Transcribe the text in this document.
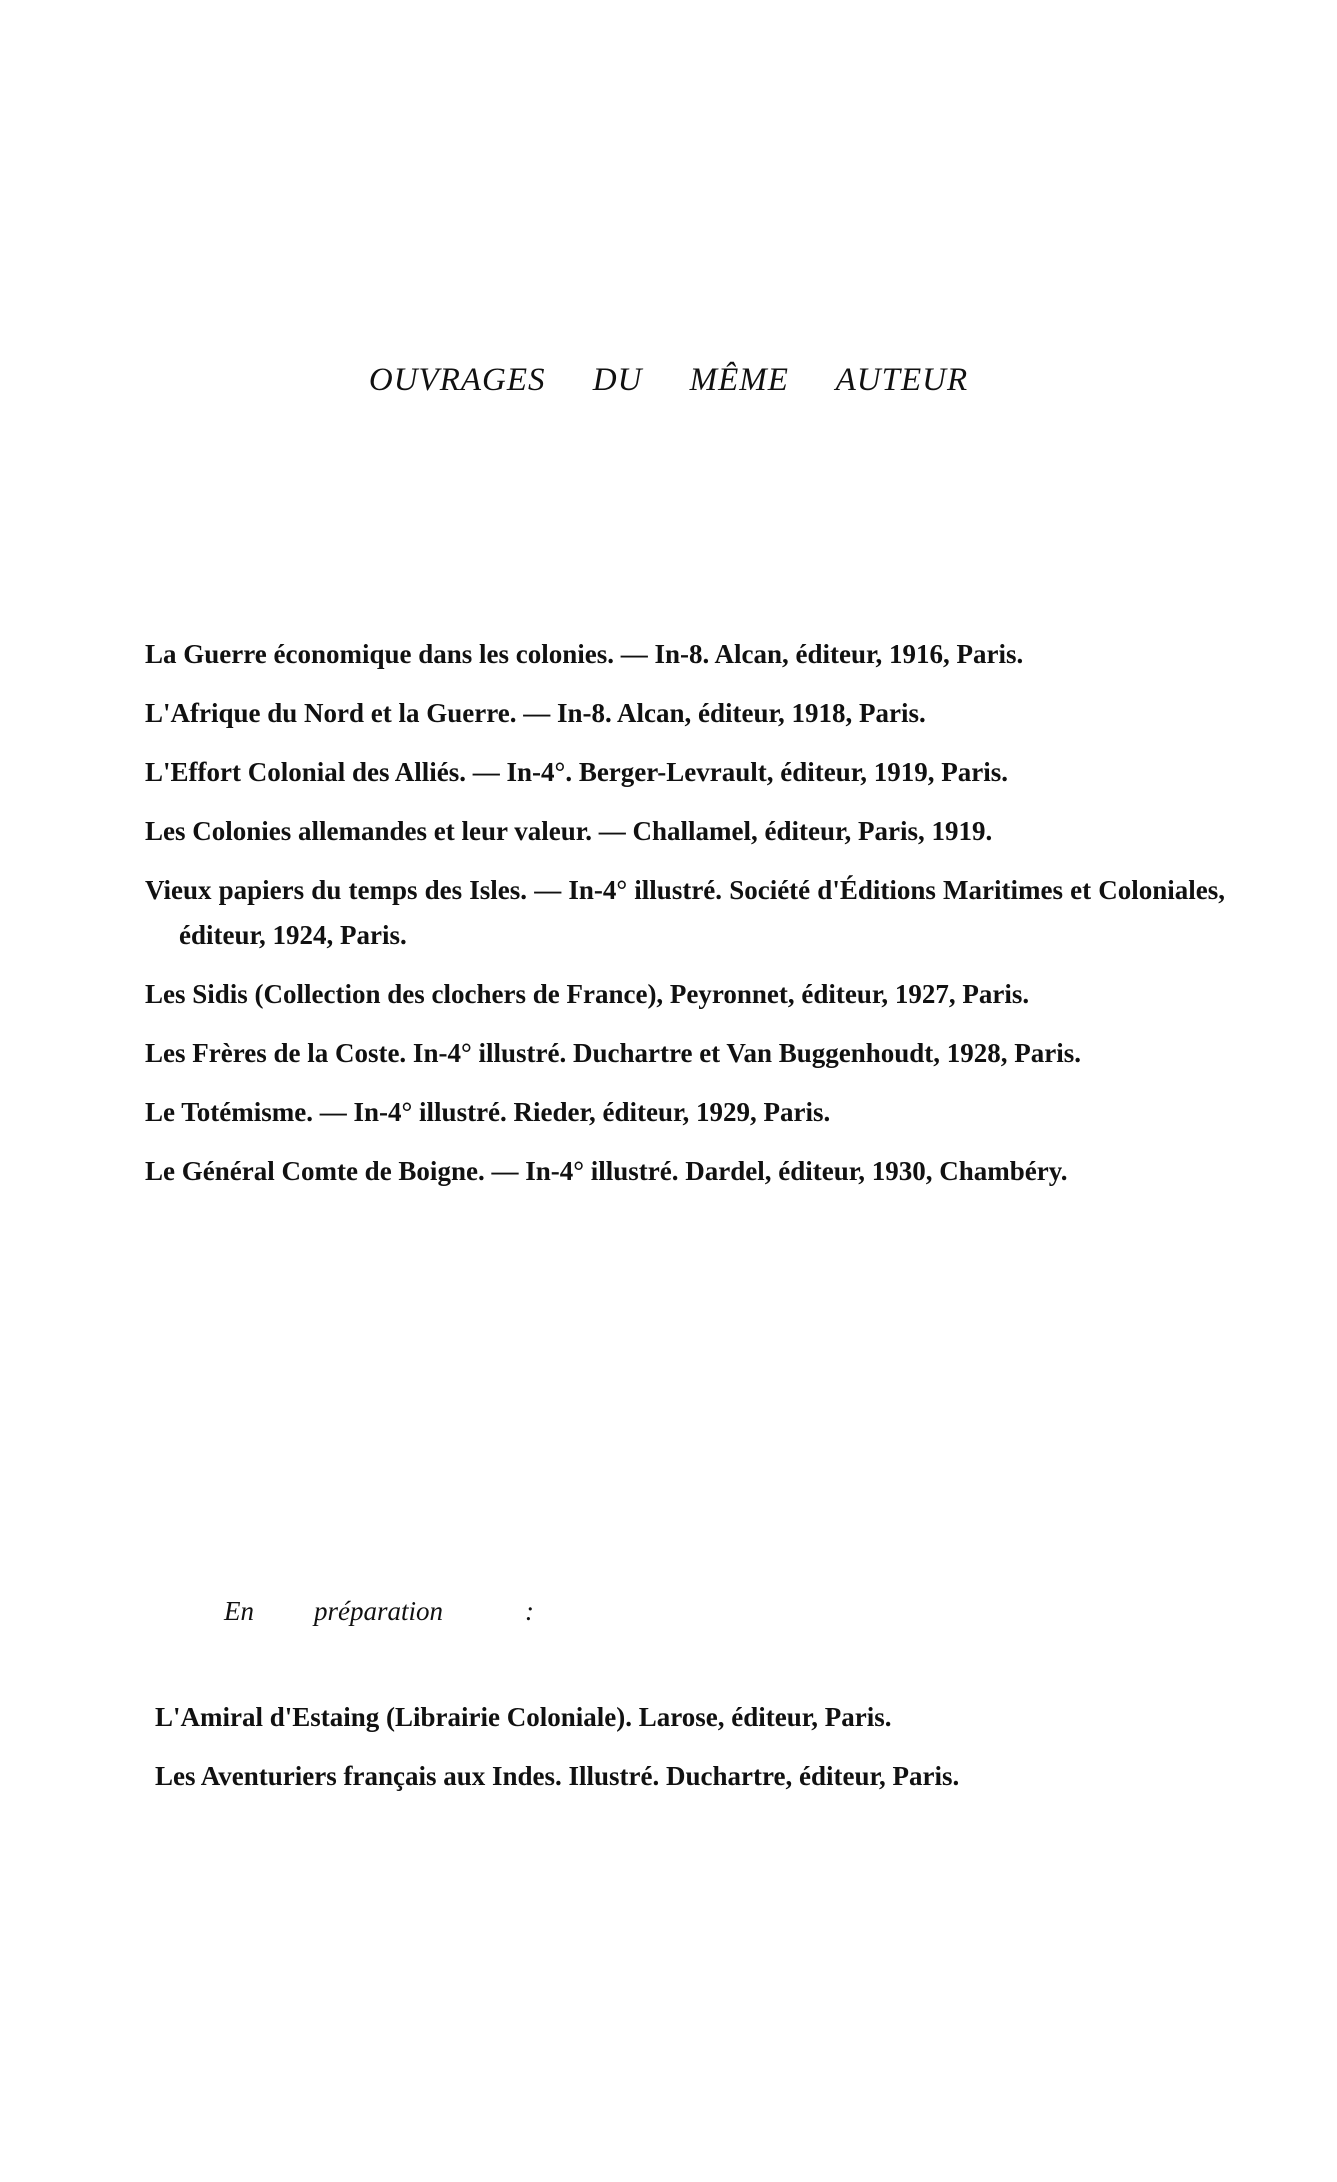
OUVRAGES DU MÊME AUTEUR

La Guerre économique dans les colonies. — In-8. Alcan, éditeur, 1916, Paris.

L'Afrique du Nord et la Guerre. — In-8. Alcan, éditeur, 1918, Paris.

L'Effort Colonial des Alliés. — In-4°. Berger-Levrault, éditeur, 1919, Paris.

Les Colonies allemandes et leur valeur. — Challamel, éditeur, Paris, 1919.

Vieux papiers du temps des Isles. — In-4° illustré. Société d'Éditions Maritimes et Coloniales, éditeur, 1924, Paris.

Les Sidis (Collection des clochers de France), Peyronnet, éditeur, 1927, Paris.

Les Frères de la Coste. In-4° illustré. Duchartre et Van Buggenhoudt, 1928, Paris.

Le Totémisme. — In-4° illustré. Rieder, éditeur, 1929, Paris.

Le Général Comte de Boigne. — In-4° illustré. Dardel, éditeur, 1930, Chambéry.

En préparation	:

L'Amiral d'Estaing (Librairie Coloniale). Larose, éditeur, Paris.

Les Aventuriers français aux Indes. Illustré. Duchartre, éditeur, Paris.
